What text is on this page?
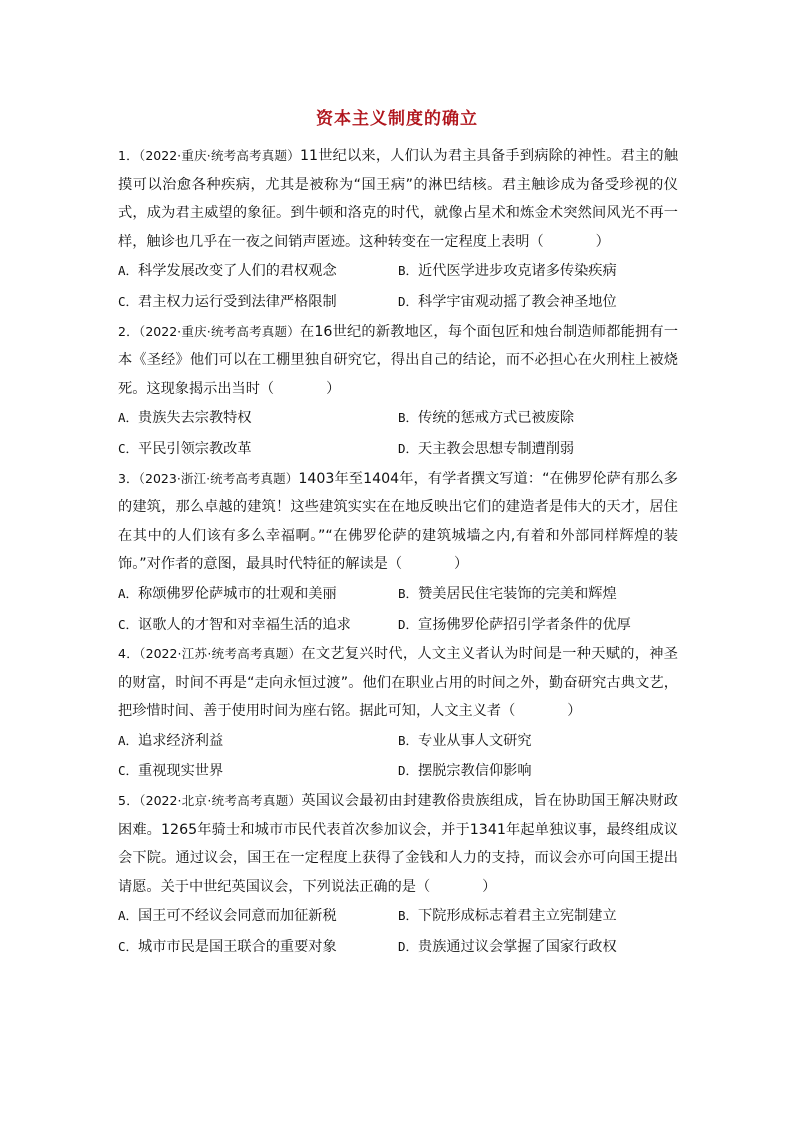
资本主义制度的确立

1．（2022·重庆·统考高考真题）11世纪以来，人们认为君主具备手到病除的神性。君主的触摸可以治愈各种疾病，尤其是被称为“国王病”的淋巴结核。君主触诊成为备受珍视的仪式，成为君主威望的象征。到牛顿和洛克的时代，就像占星术和炼金术突然间风光不再一样，触诊也几乎在一夜之间销声匿迹。这种转变在一定程度上表明（	）

A．科学发展改变了人们的君权观念	B．近代医学进步攻克诸多传染疾病
C．君主权力运行受到法律严格限制	D．科学宇宙观动摇了教会神圣地位

2．（2022·重庆·统考高考真题）在16世纪的新教地区，每个面包匠和烛台制造师都能拥有一本《圣经》他们可以在工棚里独自研究它，得出自己的结论，而不必担心在火刑柱上被烧死。这现象揭示出当时（	）

A．贵族失去宗教特权	B．传统的惩戒方式已被废除
C．平民引领宗教改革	D．天主教会思想专制遭削弱

3．（2023·浙江·统考高考真题）1403年至1404年，有学者撰文写道：“在佛罗伦萨有那么多的建筑，那么卓越的建筑！这些建筑实实在在地反映出它们的建造者是伟大的天才，居住在其中的人们该有多么幸福啊。”“在佛罗伦萨的建筑城墙之内,有着和外部同样辉煌的装饰。”对作者的意图，最具时代特征的解读是（	）

A．称颂佛罗伦萨城市的壮观和美丽	B．赞美居民住宅装饰的完美和辉煌
C．讴歌人的才智和对幸福生活的追求	D．宣扬佛罗伦萨招引学者条件的优厚

4．（2022·江苏·统考高考真题）在文艺复兴时代，人文主义者认为时间是一种天赋的，神圣的财富，时间不再是“走向永恒过渡”。他们在职业占用的时间之外，勤奋研究古典文艺，把珍惜时间、善于使用时间为座右铭。据此可知，人文主义者（	）

A．追求经济利益	B．专业从事人文研究
C．重视现实世界	D．摆脱宗教信仰影响

5．（2022·北京·统考高考真题）英国议会最初由封建教俗贵族组成，旨在协助国王解决财政困难。1265年骑士和城市市民代表首次参加议会，并于1341年起单独议事，最终组成议会下院。通过议会，国王在一定程度上获得了金钱和人力的支持，而议会亦可向国王提出请愿。关于中世纪英国议会，下列说法正确的是（	）

A．国王可不经议会同意而加征新税	B．下院形成标志着君主立宪制建立
C．城市市民是国王联合的重要对象	D．贵族通过议会掌握了国家行政权
